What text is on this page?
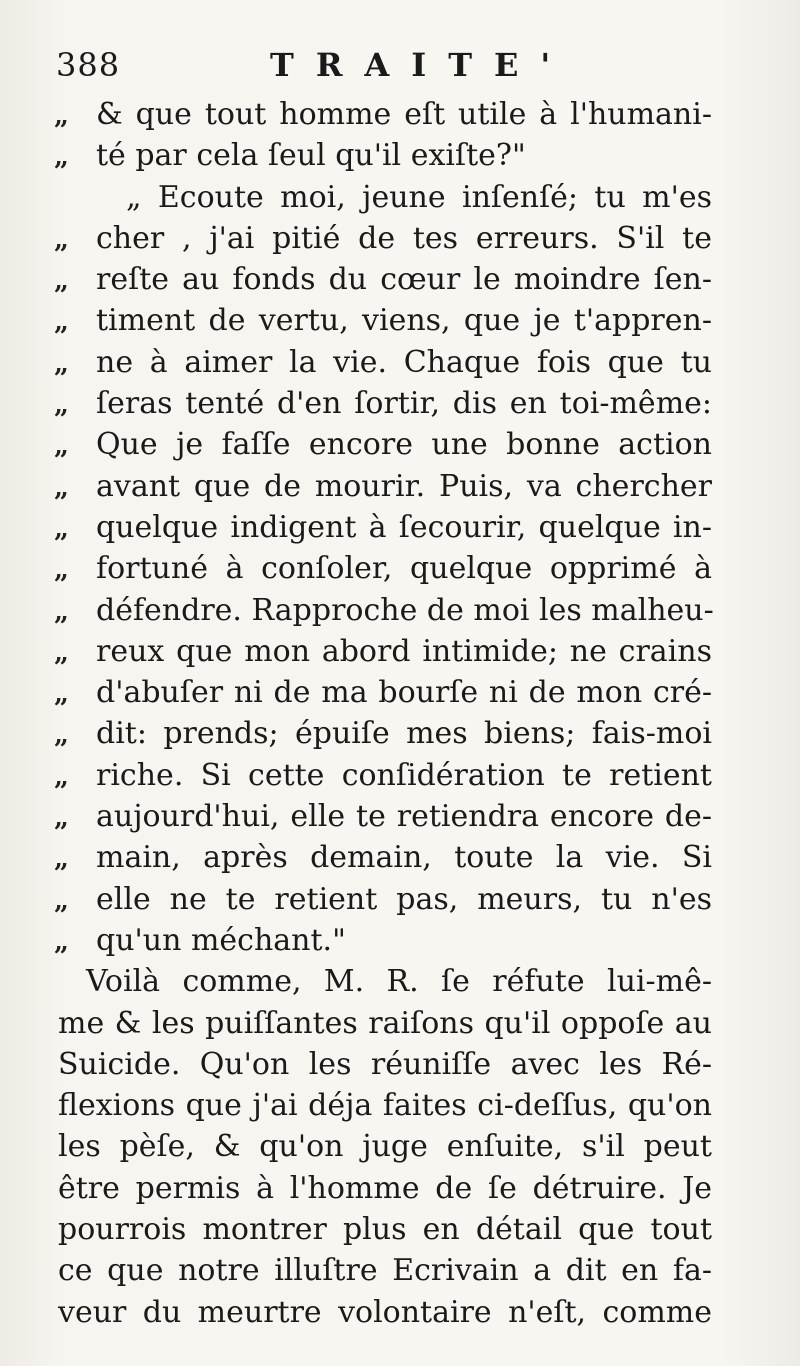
388	TRAITE'
„ & que tout homme eſt utile à l'humani-
„ té par cela ſeul qu'il exiſte?"
„ Ecoute moi, jeune inſenſé; tu m'es
„ cher , j'ai pitié de tes erreurs. S'il te
„ reſte au fonds du cœur le moindre ſen-
„ timent de vertu, viens, que je t'appren-
„ ne à aimer la vie. Chaque fois que tu
„ ſeras tenté d'en ſortir, dis en toi-même:
„ Que je faſſe encore une bonne action
„ avant que de mourir. Puis, va chercher
„ quelque indigent à ſecourir, quelque in-
„ fortuné à conſoler, quelque opprimé à
„ défendre. Rapproche de moi les malheu-
„ reux que mon abord intimide; ne crains
„ d'abuſer ni de ma bourſe ni de mon cré-
„ dit: prends; épuiſe mes biens; fais-moi
„ riche. Si cette conſidération te retient
„ aujourd'hui, elle te retiendra encore de-
„ main, après demain, toute la vie. Si
„ elle ne te retient pas, meurs, tu n'es
„ qu'un méchant."
Voilà comme, M. R. ſe réfute lui-mê-
me & les puiſſantes raiſons qu'il oppoſe au
Suicide. Qu'on les réuniſſe avec les Ré-
flexions que j'ai déja faites ci-deſſus, qu'on
les pèſe, & qu'on juge enſuite, s'il peut
être permis à l'homme de ſe détruire. Je
pourrois montrer plus en détail que tout
ce que notre illuſtre Ecrivain a dit en fa-
veur du meurtre volontaire n'eſt, comme
